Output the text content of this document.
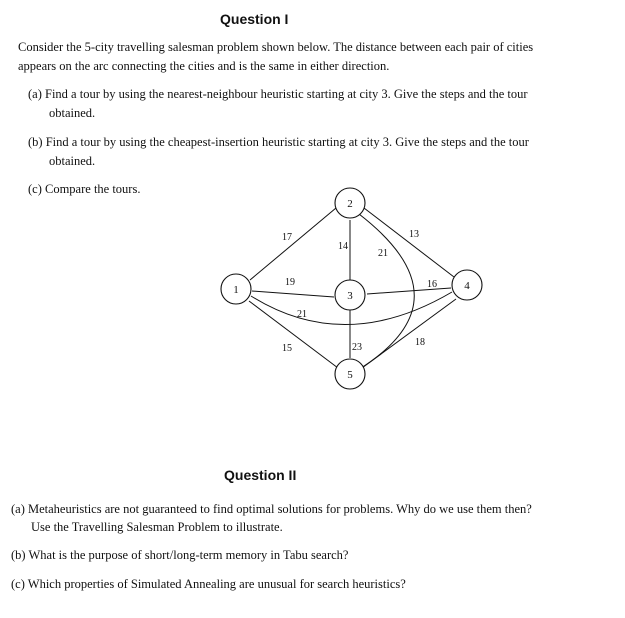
Question I
Consider the 5-city travelling salesman problem shown below. The distance between each pair of cities
appears on the arc connecting the cities and is the same in either direction.
(a) Find a tour by using the nearest-neighbour heuristic starting at city 3. Give the steps and the tour
obtained.
(b) Find a tour by using the cheapest-insertion heuristic starting at city 3. Give the steps and the tour
obtained.
(c) Compare the tours.
1
2
3
4
5
17
14
21
13
19	16
21
15	23	18
Question II
(a) Metaheuristics are not guaranteed to find optimal solutions for problems. Why do we use them then?
Use the Travelling Salesman Problem to illustrate.
(b) What is the purpose of short/long-term memory in Tabu search?
(c) Which properties of Simulated Annealing are unusual for search heuristics?
